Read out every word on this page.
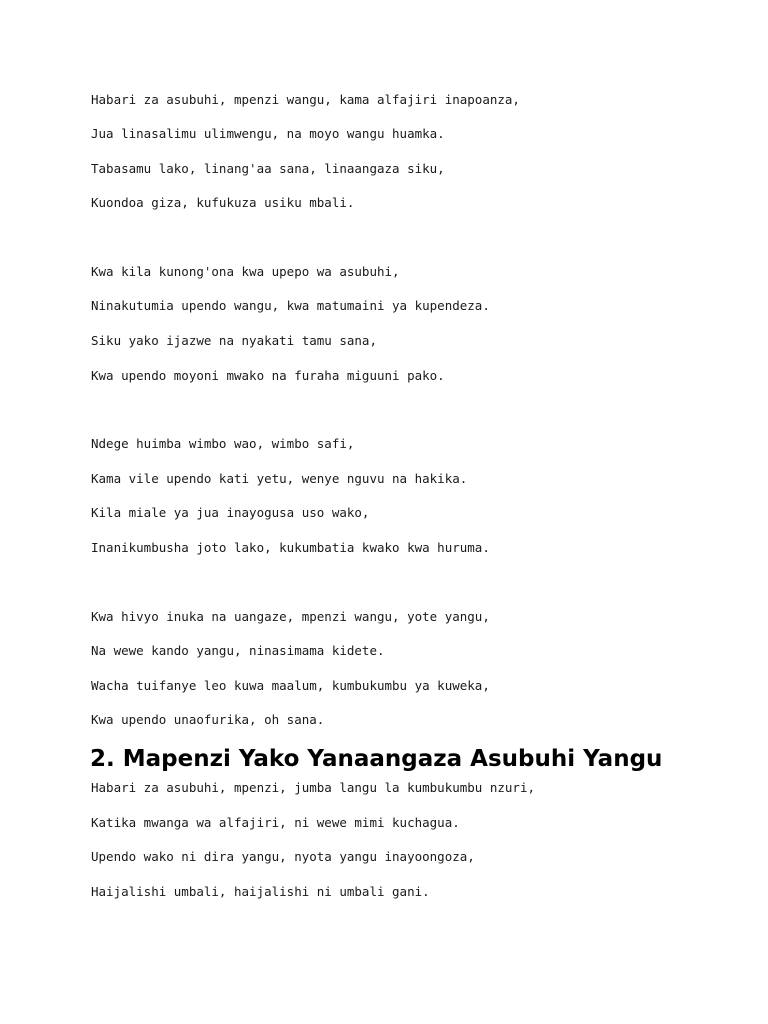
Habari za asubuhi, mpenzi wangu, kama alfajiri inapoanza,
Jua linasalimu ulimwengu, na moyo wangu huamka.
Tabasamu lako, linang'aa sana, linaangaza siku,
Kuondoa giza, kufukuza usiku mbali.
Kwa kila kunong'ona kwa upepo wa asubuhi,
Ninakutumia upendo wangu, kwa matumaini ya kupendeza.
Siku yako ijazwe na nyakati tamu sana,
Kwa upendo moyoni mwako na furaha miguuni pako.
Ndege huimba wimbo wao, wimbo safi,
Kama vile upendo kati yetu, wenye nguvu na hakika.
Kila miale ya jua inayogusa uso wako,
Inanikumbusha joto lako, kukumbatia kwako kwa huruma.
Kwa hivyo inuka na uangaze, mpenzi wangu, yote yangu,
Na wewe kando yangu, ninasimama kidete.
Wacha tuifanye leo kuwa maalum, kumbukumbu ya kuweka,
Kwa upendo unaofurika, oh sana.
2. Mapenzi Yako Yanaangaza Asubuhi Yangu
Habari za asubuhi, mpenzi, jumba langu la kumbukumbu nzuri,
Katika mwanga wa alfajiri, ni wewe mimi kuchagua.
Upendo wako ni dira yangu, nyota yangu inayoongoza,
Haijalishi umbali, haijalishi ni umbali gani.
